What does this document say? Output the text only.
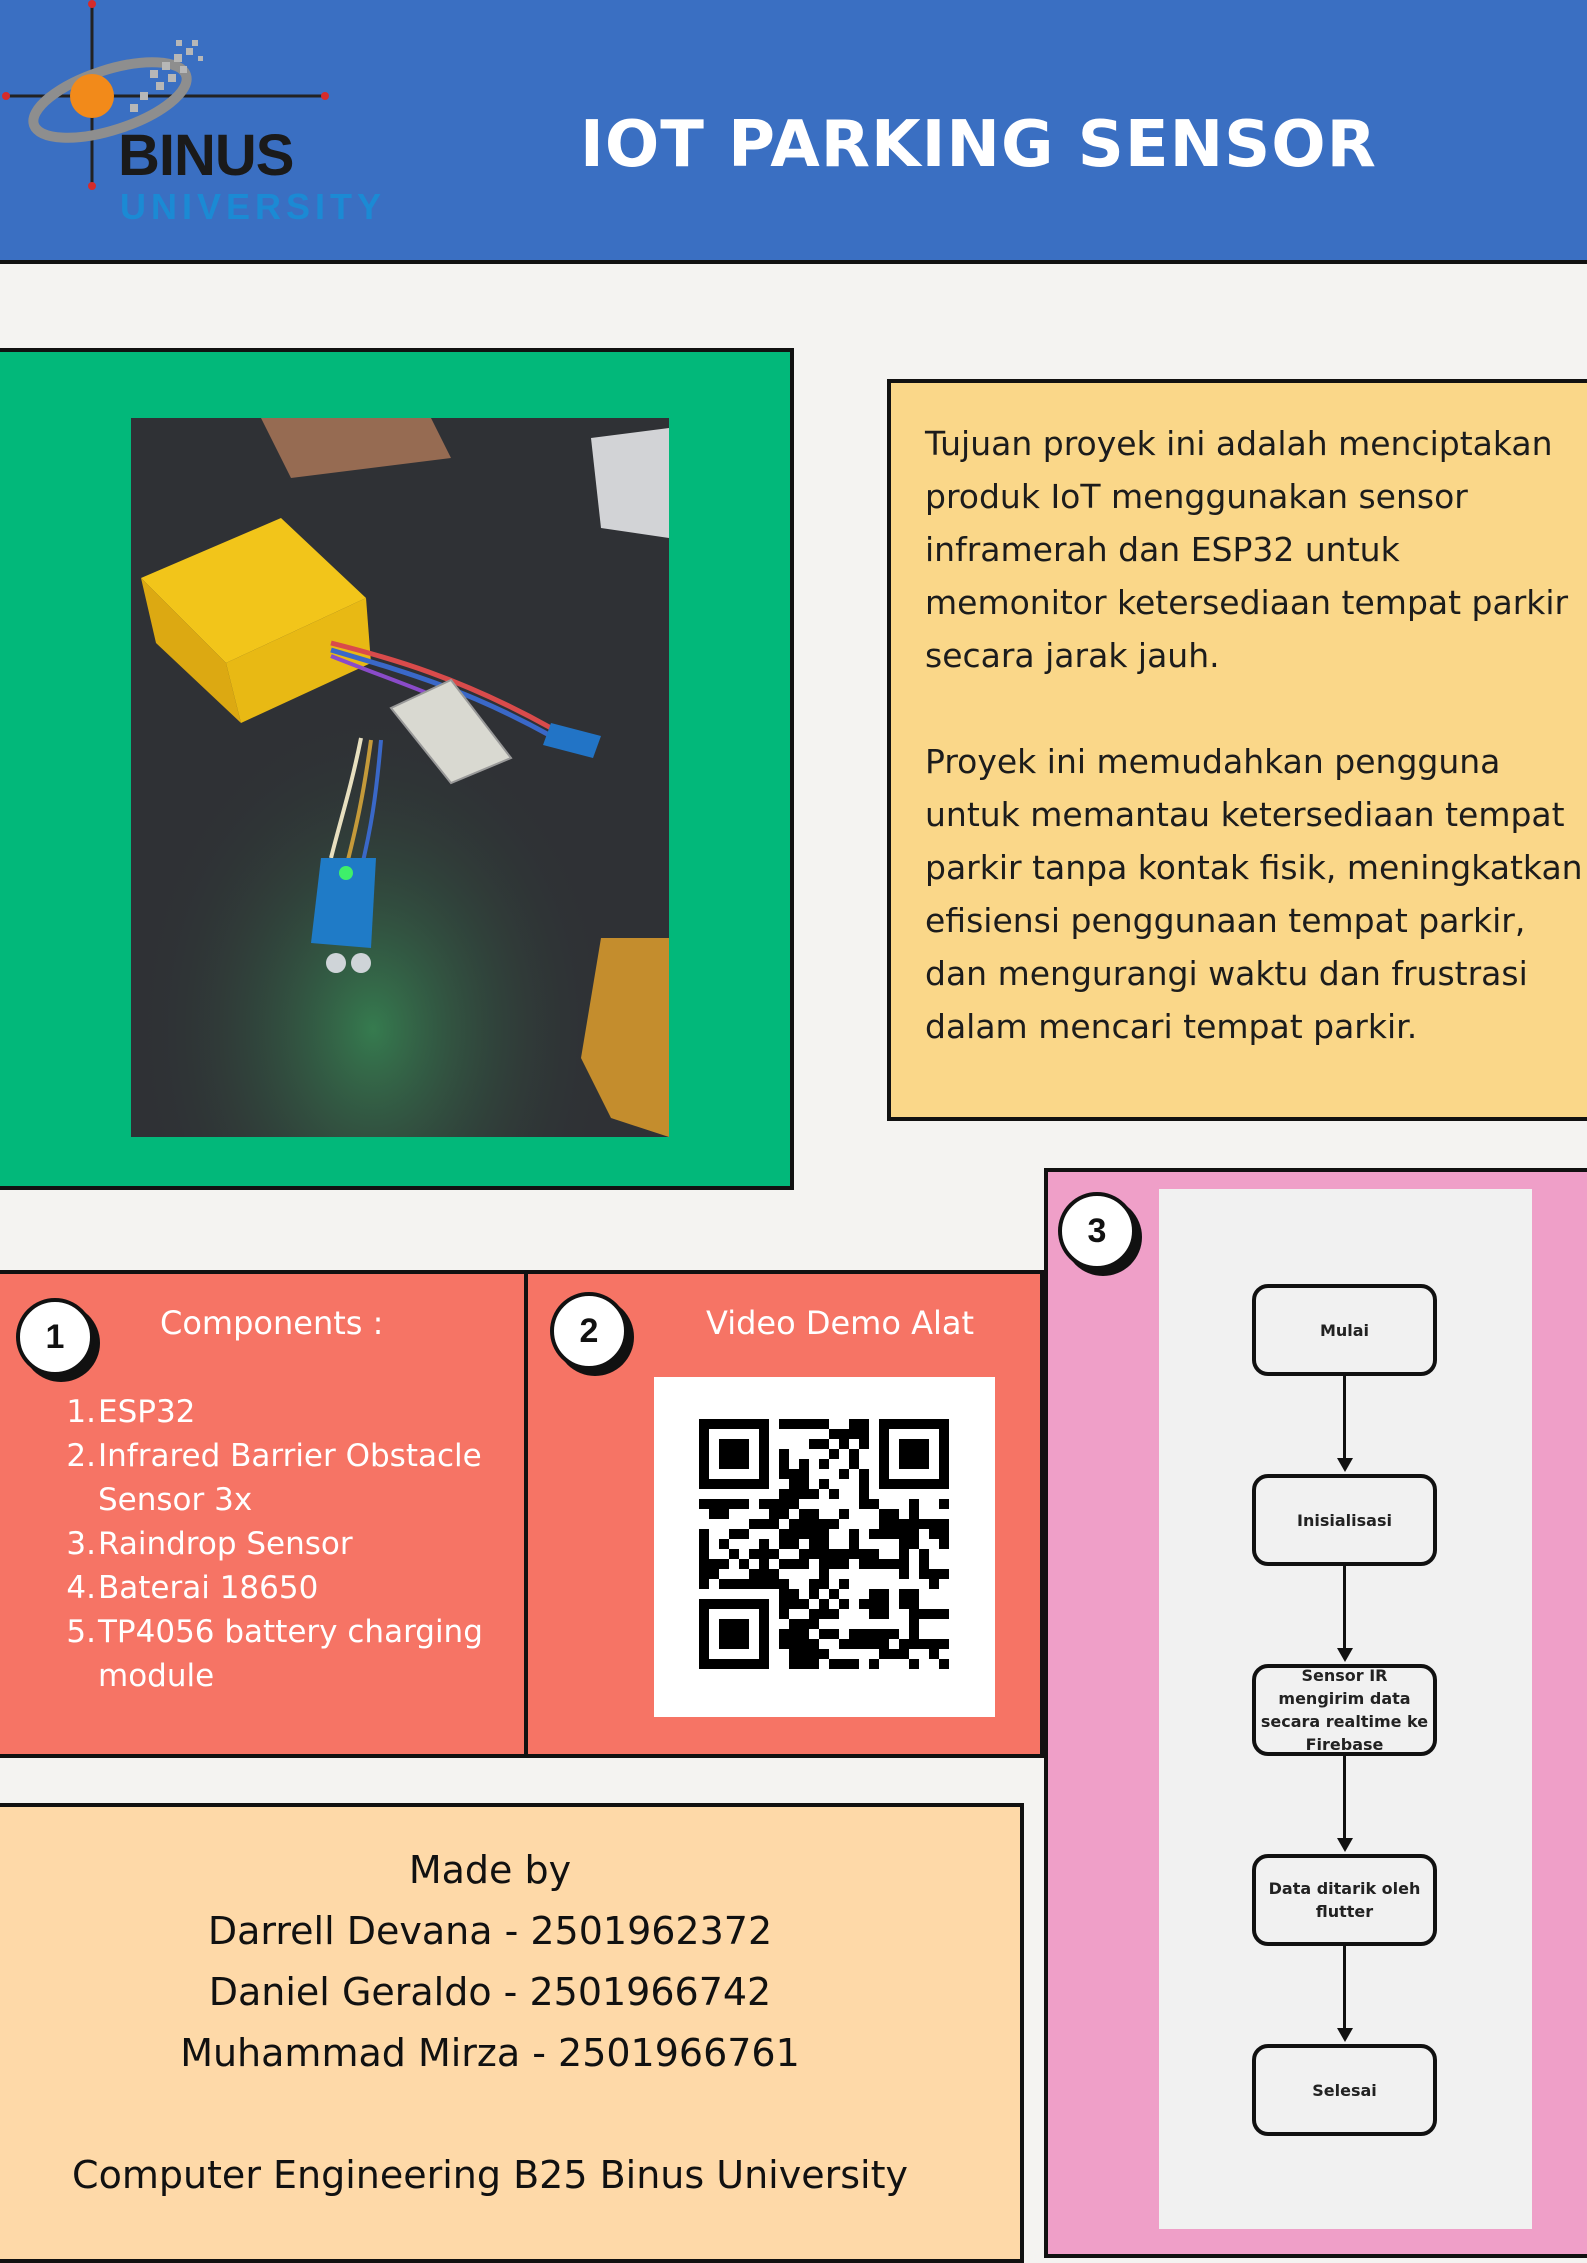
BINUS
UNIVERSITY
IOT PARKING SENSOR

Tujuan proyek ini adalah menciptakan produk IoT menggunakan sensor inframerah dan ESP32 untuk memonitor ketersediaan tempat parkir secara jarak jauh.

Proyek ini memudahkan pengguna untuk memantau ketersediaan tempat parkir tanpa kontak fisik, meningkatkan efisiensi penggunaan tempat parkir, dan mengurangi waktu dan frustrasi dalam mencari tempat parkir.

1	Components :
1. ESP32
2. Infrared Barrier Obstacle Sensor 3x
3. Raindrop Sensor
4. Baterai 18650
5. TP4056 battery charging module
2	Video Demo Alat
3
Mulai
Inisialisasi
Sensor IR mengirim data secara realtime ke Firebase
Data ditarik oleh flutter
Selesai
Made by
Darrell Devana - 2501962372
Daniel Geraldo - 2501966742
Muhammad Mirza - 2501966761
Computer Engineering B25 Binus University
